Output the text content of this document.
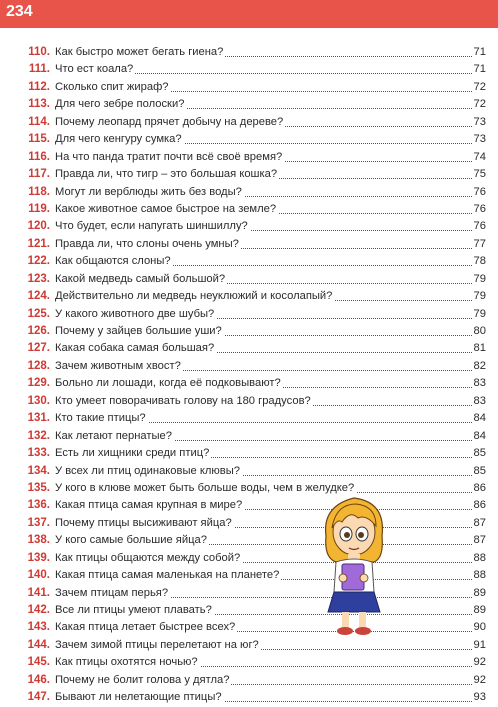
234
110. Как быстро может бегать гиена?	71
111. Что ест коала?	71
112. Сколько спит жираф?	72
113. Для чего зебре полоски?	72
114. Почему леопард прячет добычу на дереве?	73
115. Для чего кенгуру сумка?	73
116. На что панда тратит почти всё своё время?	74
117. Правда ли, что тигр – это большая кошка?	75
118. Могут ли верблюды жить без воды?	76
119. Какое животное самое быстрое на земле?	76
120. Что будет, если напугать шиншиллу?	76
121. Правда ли, что слоны очень умны?	77
122. Как общаются слоны?	78
123. Какой медведь самый большой?	79
124. Действительно ли медведь неуклюжий и косолапый?	79
125. У какого животного две шубы?	79
126. Почему у зайцев большие уши?	80
127. Какая собака самая большая?	81
128. Зачем животным хвост?	82
129. Больно ли лошади, когда её подковывают?	83
130. Кто умеет поворачивать голову на 180 градусов?	83
131. Кто такие птицы?	84
132. Как летают пернатые?	84
133. Есть ли хищники среди птиц?	85
134. У всех ли птиц одинаковые клювы?	85
135. У кого в клюве может быть больше воды, чем в желудке?	86
136. Какая птица самая крупная в мире?	86
137. Почему птицы высиживают яйца?	87
138. У кого самые большие яйца?	87
139. Как птицы общаются между собой?	88
140. Какая птица самая маленькая на планете?	88
141. Зачем птицам перья?	89
142. Все ли птицы умеют плавать?	89
143. Какая птица летает быстрее всех?	90
144. Зачем зимой птицы перелетают на юг?	91
145. Как птицы охотятся ночью?	92
146. Почему не болит голова у дятла?	92
147. Бывают ли нелетающие птицы?	93
